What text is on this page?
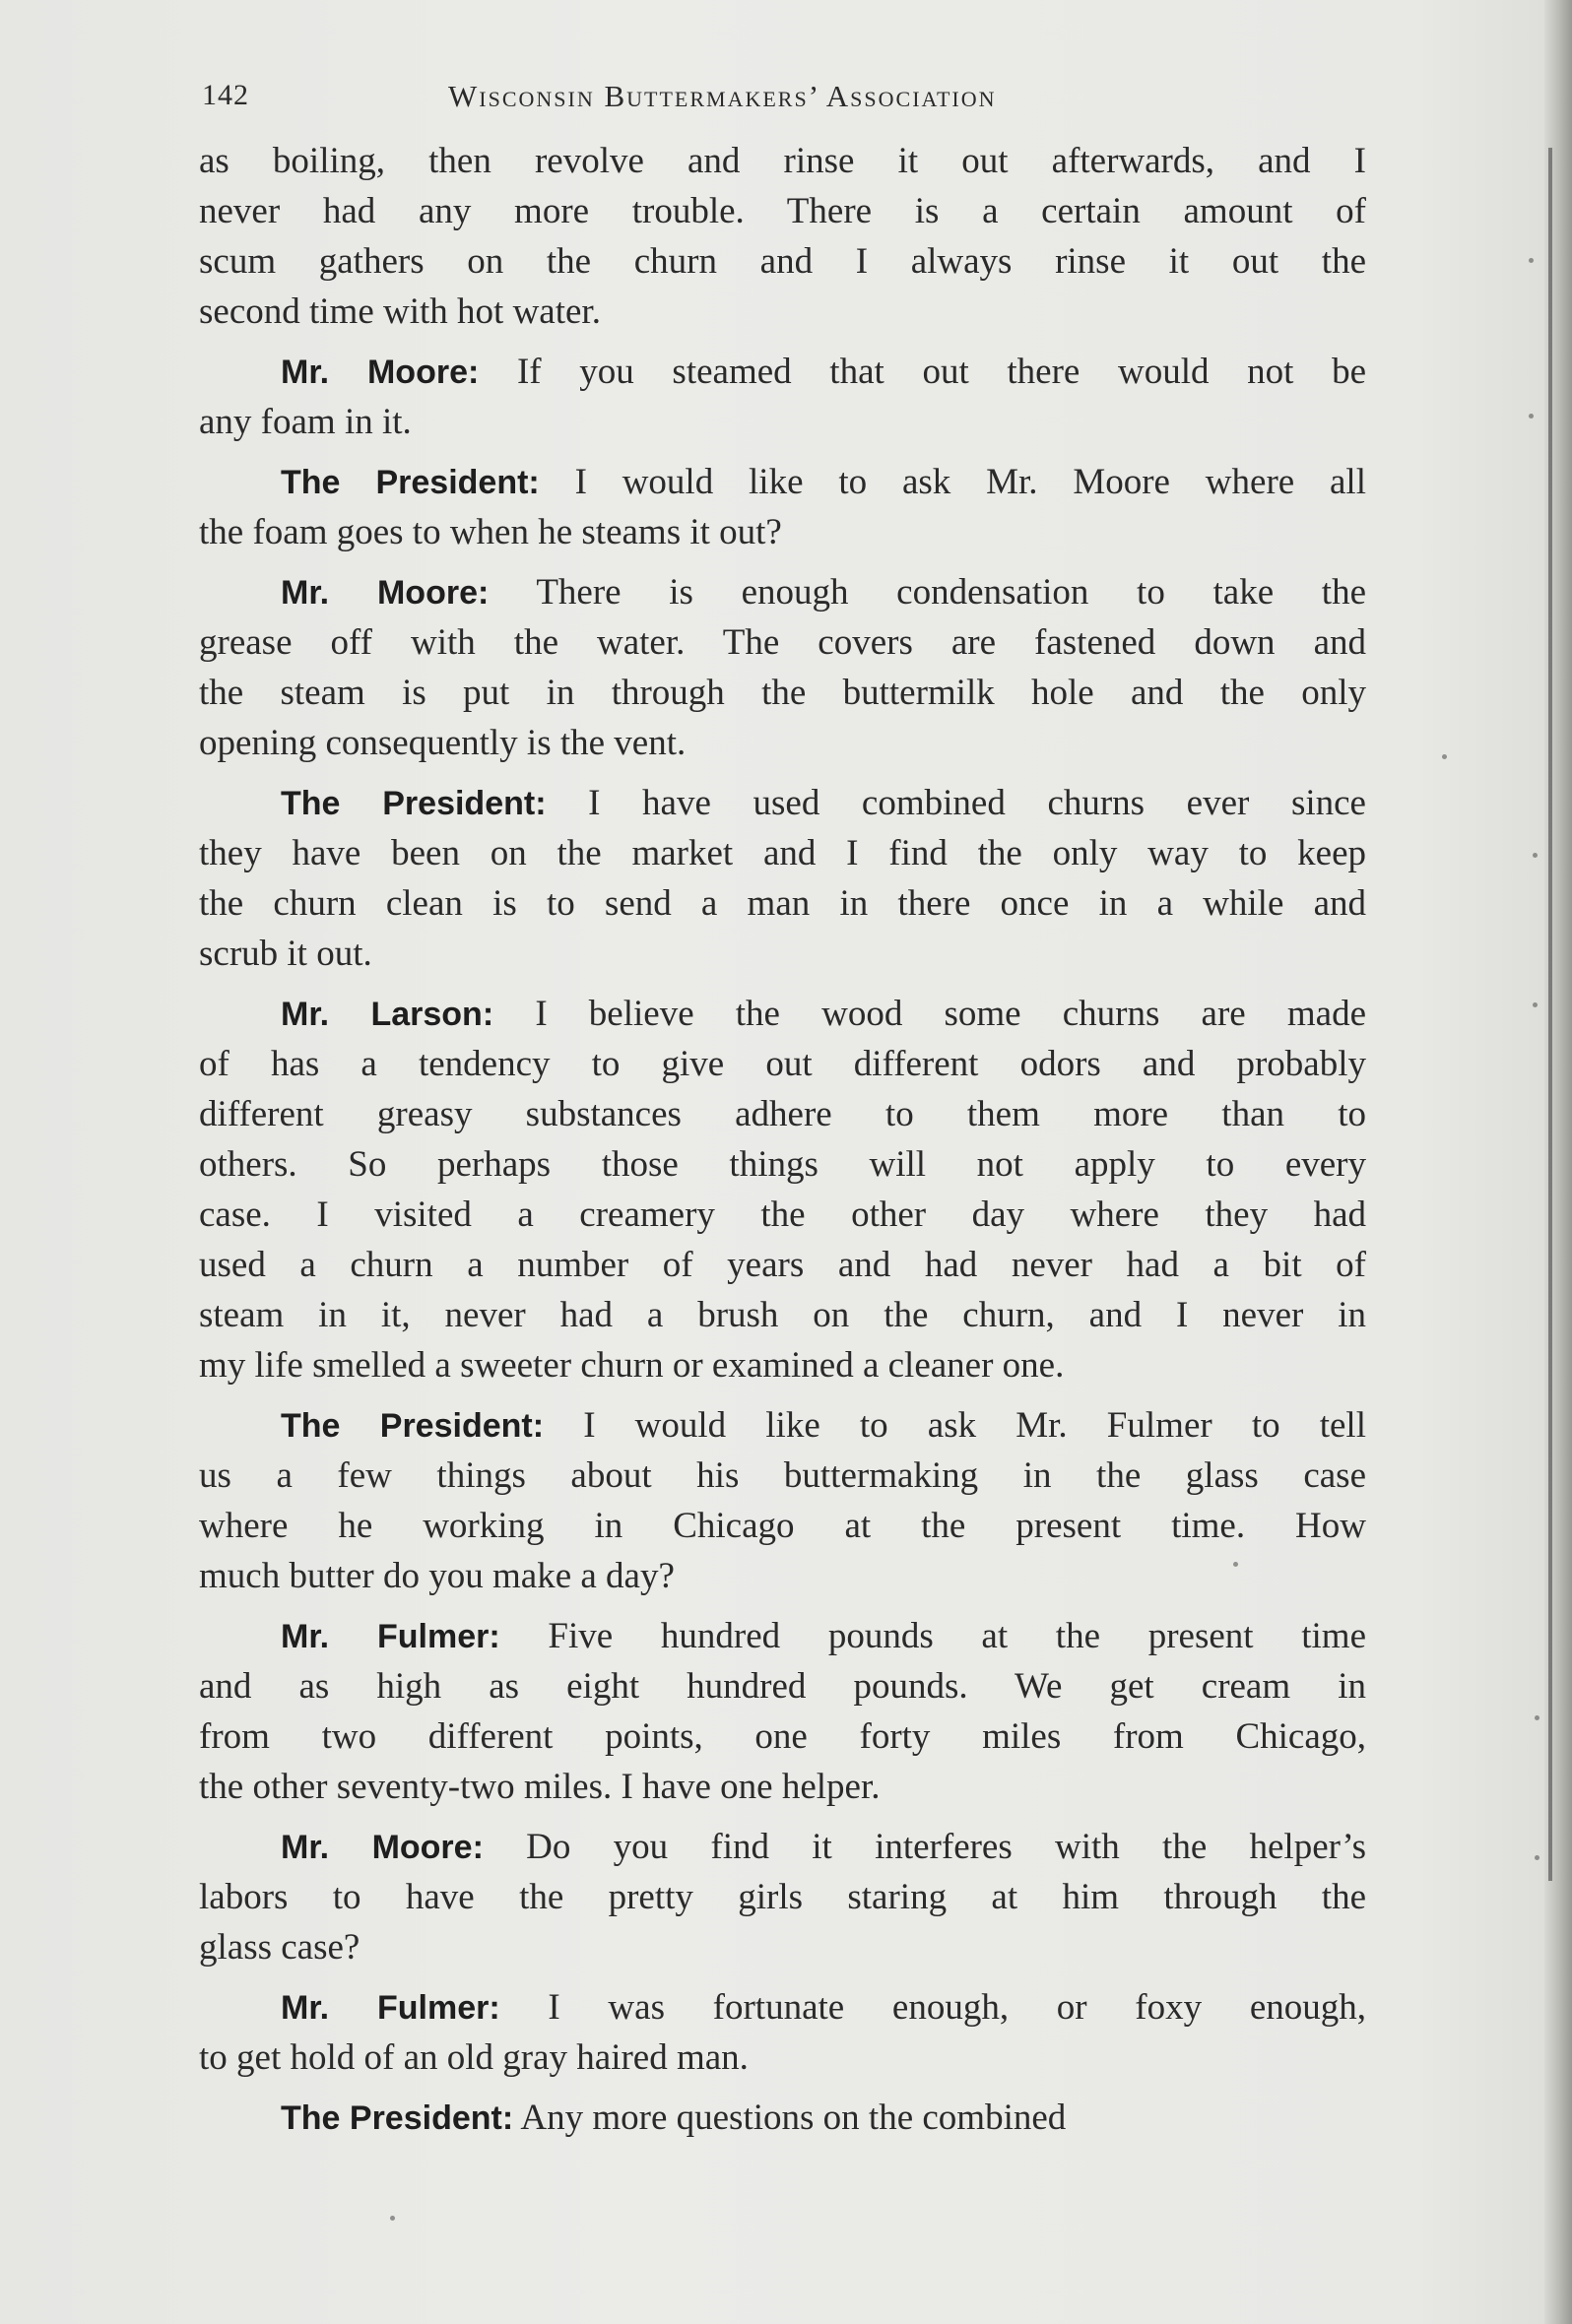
142	Wisconsin Buttermakers’ Association
as boiling, then revolve and rinse it out afterwards, and I
never had any more trouble. There is a certain amount of
scum gathers on the churn and I always rinse it out the
second time with hot water.
Mr. Moore: If you steamed that out there would not be
any foam in it.
The President: I would like to ask Mr. Moore where all
the foam goes to when he steams it out?
Mr. Moore: There is enough condensation to take the
grease off with the water. The covers are fastened down and
the steam is put in through the buttermilk hole and the only
opening consequently is the vent.
The President: I have used combined churns ever since
they have been on the market and I find the only way to keep
the churn clean is to send a man in there once in a while and
scrub it out.
Mr. Larson: I believe the wood some churns are made
of has a tendency to give out different odors and probably
different greasy substances adhere to them more than to
others. So perhaps those things will not apply to every
case. I visited a creamery the other day where they had
used a churn a number of years and had never had a bit of
steam in it, never had a brush on the churn, and I never in
my life smelled a sweeter churn or examined a cleaner one.
The President: I would like to ask Mr. Fulmer to tell
us a few things about his buttermaking in the glass case
where he working in Chicago at the present time. How
much butter do you make a day?
Mr. Fulmer: Five hundred pounds at the present time
and as high as eight hundred pounds. We get cream in
from two different points, one forty miles from Chicago,
the other seventy-two miles. I have one helper.
Mr. Moore: Do you find it interferes with the helper’s
labors to have the pretty girls staring at him through the
glass case?
Mr. Fulmer: I was fortunate enough, or foxy enough,
to get hold of an old gray haired man.
The President: Any more questions on the combined
